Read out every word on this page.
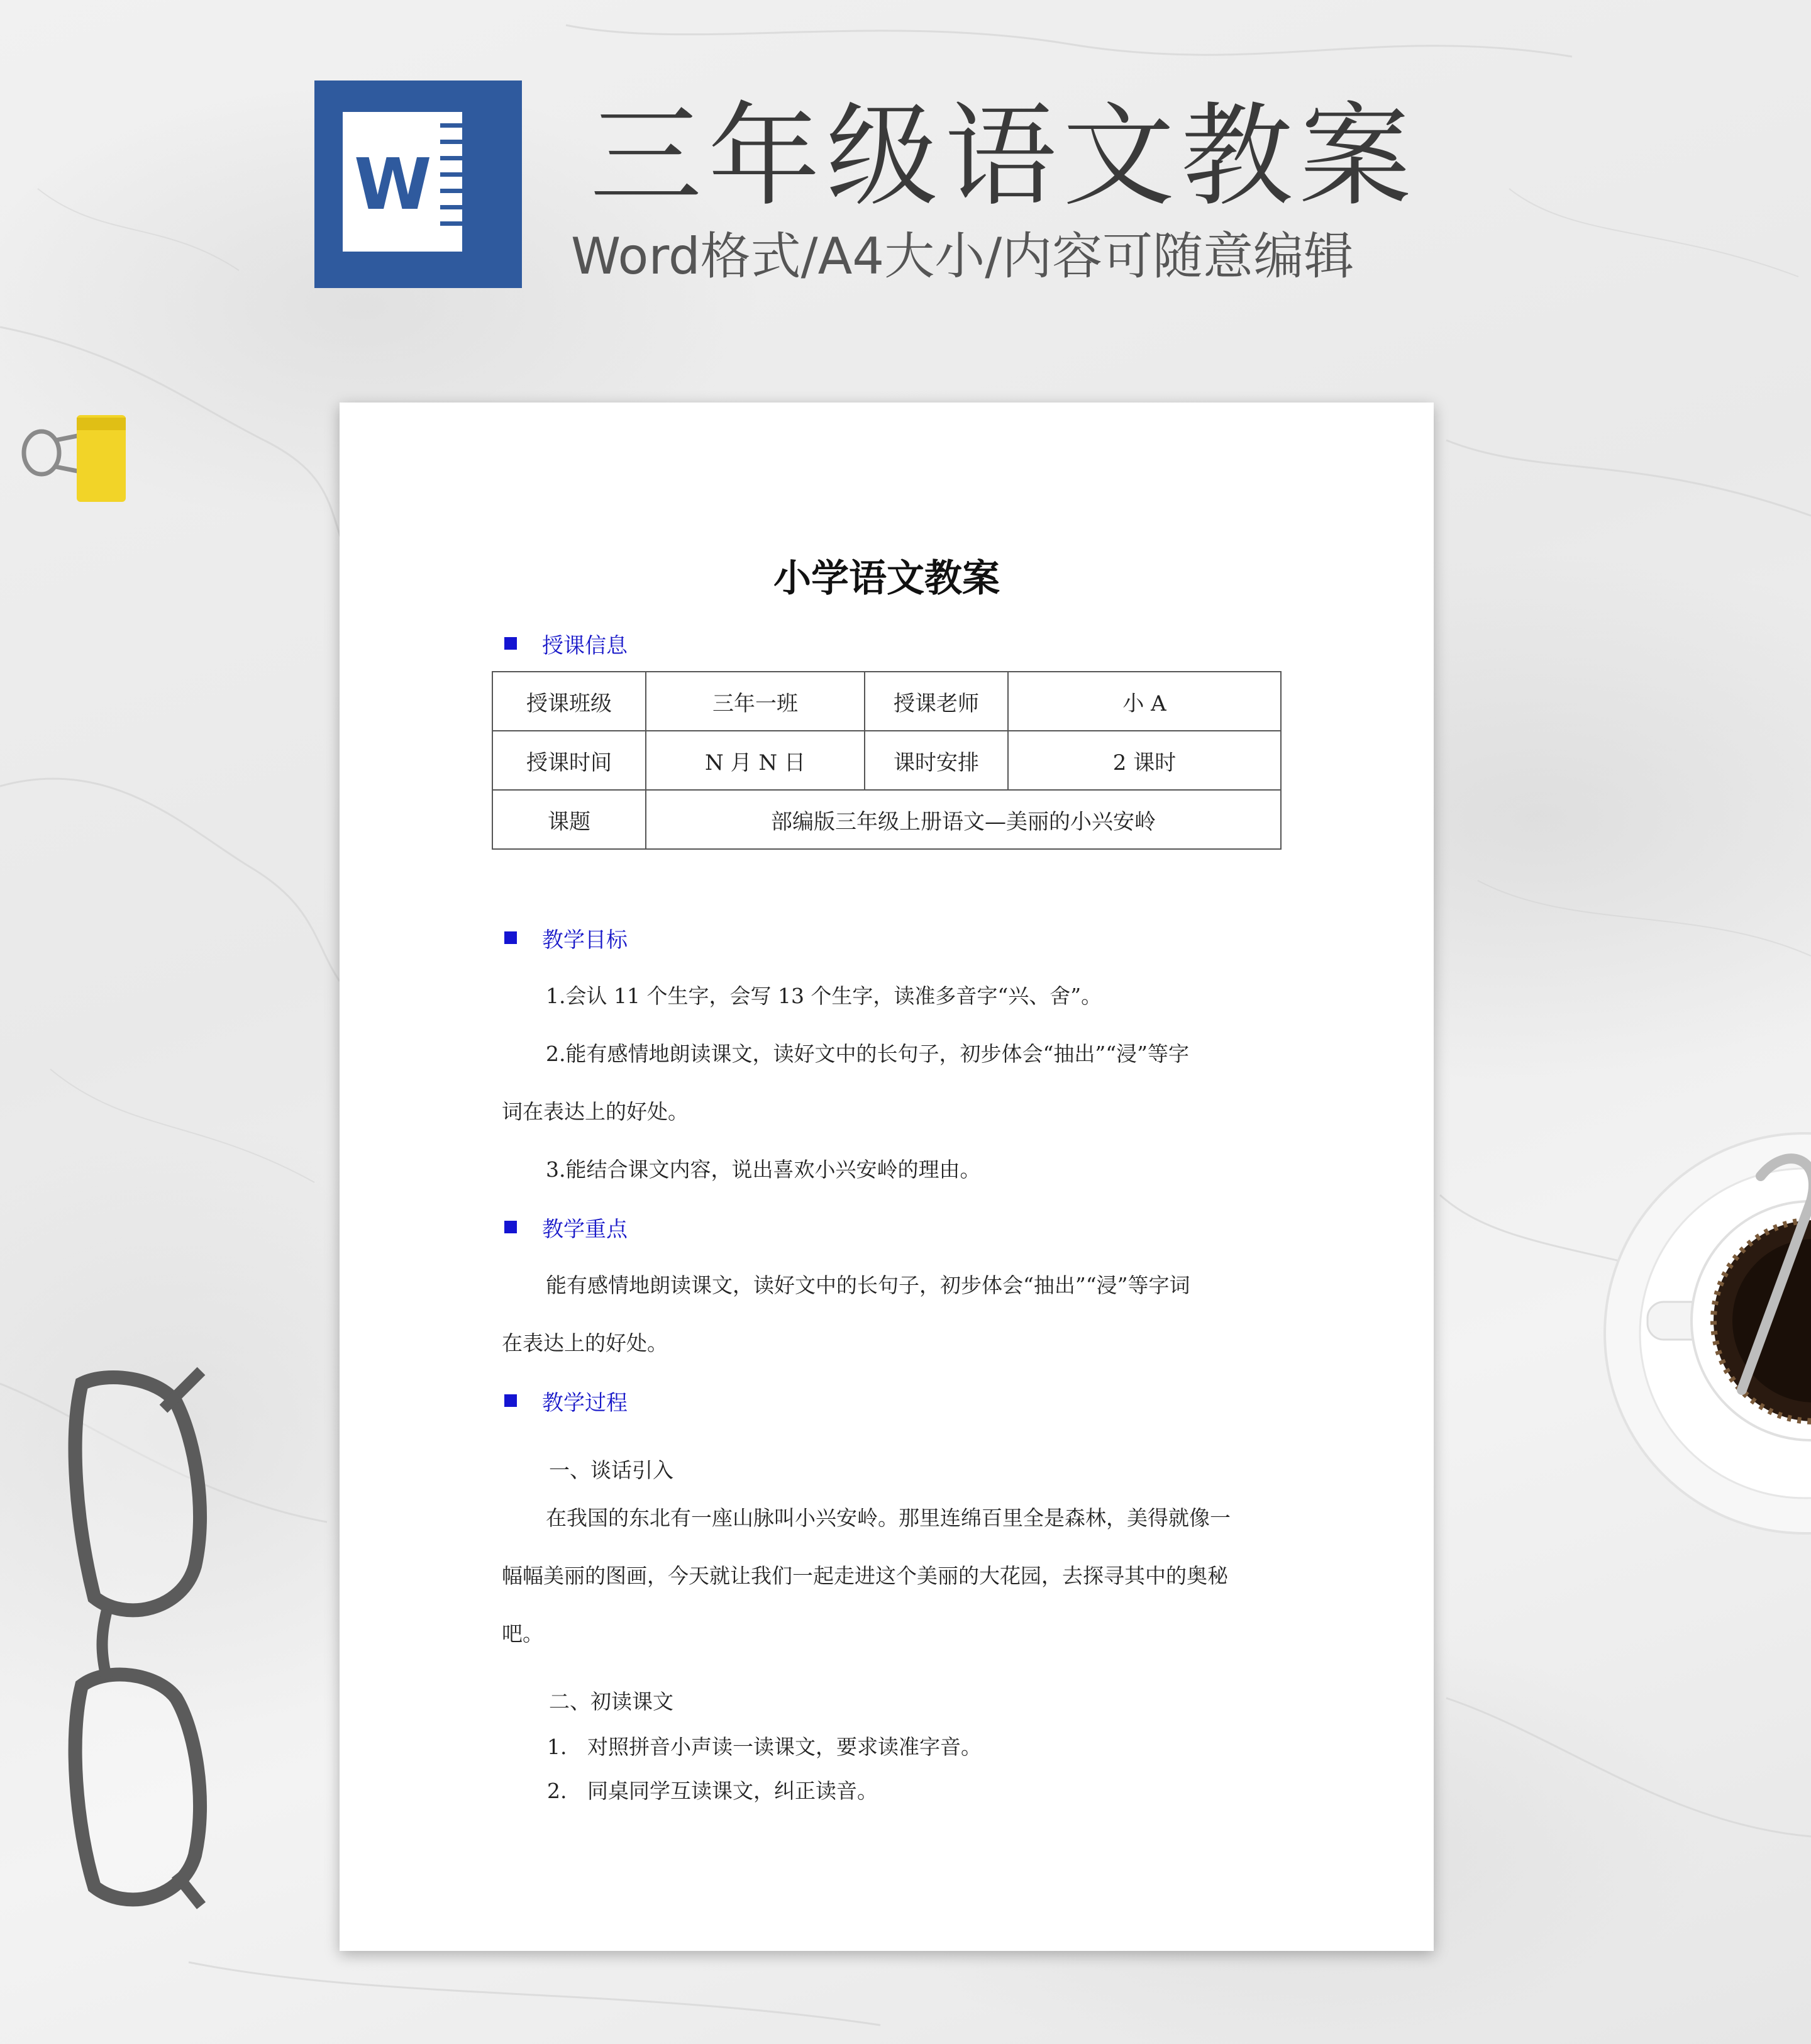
W 三年级语文教案
Word格式/A4大小/内容可随意编辑
小学语文教案
授课信息
授课班级	三年一班	授课老师	小 A
授课时间	N 月 N 日	课时安排	2 课时
课题	部编版三年级上册语文—美丽的小兴安岭		
教学目标
1.会认 11 个生字，会写 13 个生字，读准多音字“兴、舍”。
2.能有感情地朗读课文，读好文中的长句子，初步体会“抽出”“浸”等字
词在表达上的好处。
3.能结合课文内容，说出喜欢小兴安岭的理由。
教学重点
能有感情地朗读课文，读好文中的长句子，初步体会“抽出”“浸”等字词
在表达上的好处。
教学过程
一、谈话引入
在我国的东北有一座山脉叫小兴安岭。那里连绵百里全是森林，美得就像一
幅幅美丽的图画，今天就让我们一起走进这个美丽的大花园，去探寻其中的奥秘
吧。
二、初读课文
1. 对照拼音小声读一读课文，要求读准字音。
2. 同桌同学互读课文，纠正读音。
